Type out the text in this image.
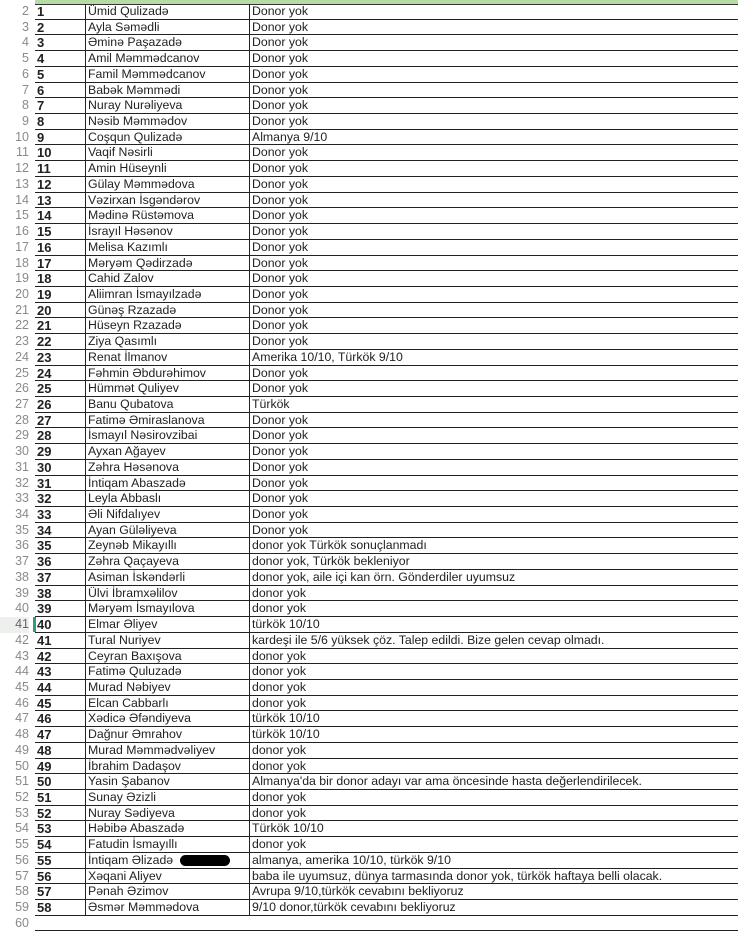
2 1	Ümid Qulizadə	Donor yok
3 2	Ayla Səmədli	Donor yok
4 3	Əminə Paşazadə	Donor yok
5 4	Amil Məmmədcanov	Donor yok
6 5	Famil Məmmədcanov	Donor yok
7 6	Babək Məmmədi	Donor yok
8 7	Nuray Nurəliyeva	Donor yok
9 8	Nəsib Məmmədov	Donor yok
10 9	Coşqun Qulizadə	Almanya 9/10
11 10	Vaqif Nəsirli	Donor yok
12 11	Amin Hüseynli	Donor yok
13 12	Gülay Məmmədova	Donor yok
14 13	Vəzirxan İsgəndərov	Donor yok
15 14	Mədinə Rüstəmova	Donor yok
16 15	İsrayıl Həsənov	Donor yok
17 16	Melisa Kazımlı	Donor yok
18 17	Məryəm Qədirzadə	Donor yok
19 18	Cahid Zalov	Donor yok
20 19	Aliimran İsmayılzadə	Donor yok
21 20	Günəş Rzazadə	Donor yok
22 21	Hüseyn Rzazadə	Donor yok
23 22	Ziya Qasımlı	Donor yok
24 23	Renat İlmanov	Amerika 10/10, Türkök 9/10
25 24	Fəhmin Əbdurəhimov	Donor yok
26 25	Hümmət Quliyev	Donor yok
27 26	Banu Qubatova	Türkök
28 27	Fatimə Əmiraslanova	Donor yok
29 28	İsmayıl Nəsirovzibai	Donor yok
30 29	Ayxan Ağayev	Donor yok
31 30	Zəhra Həsənova	Donor yok
32 31	İntiqam Abaszadə	Donor yok
33 32	Leyla Abbaslı	Donor yok
34 33	Əli Nifdalıyev	Donor yok
35 34	Ayan Güləliyeva	Donor yok
36 35	Zeynəb Mikayıllı	donor yok Türkök sonuçlanmadı
37 36	Zəhra Qaçayeva	donor yok, Türkök bekleniyor
38 37	Asiman İskəndərli	donor yok, aile içi kan örn. Gönderdiler uyumsuz
39 38	Ülvi İbramxəlilov	donor yok
40 39	Məryəm İsmayılova	donor yok
41 40	Elmar Əliyev	türkök 10/10
42 41	Tural Nuriyev	kardeşi ile 5/6 yüksek çöz. Talep edildi. Bize gelen cevap olmadı.
43 42	Ceyran Baxışova	donor yok
44 43	Fatimə Quluzadə	donor yok
45 44	Murad Nəbiyev	donor yok
46 45	Elcan Cabbarlı	donor yok
47 46	Xədicə Əfəndiyeva	türkök 10/10
48 47	Dağnur Əmrahov	türkök 10/10
49 48	Murad Məmmədvəliyev	donor yok
50 49	İbrahim Dadaşov	donor yok
51 50	Yasin Şabanov	Almanya'da bir donor adayı var ama öncesinde hasta değerlendirilecek.
52 51	Sunay Əzizli	donor yok
53 52	Nuray Sədiyeva	donor yok
54 53	Həbibə Abaszadə	Türkök 10/10
55 54	Fatudin İsmayıllı	donor yok
56 55	İntiqam Əlizadə	almanya, amerika 10/10, türkök 9/10
57 56	Xəqani Aliyev	baba ile uyumsuz, dünya tarmasında donor yok, türkök haftaya belli olacak.
58 57	Pənah Əzimov	Avrupa 9/10,türkök cevabını bekliyoruz
59 58	Əsmər Məmmədova	9/10 donor,türkök cevabını bekliyoruz
60
